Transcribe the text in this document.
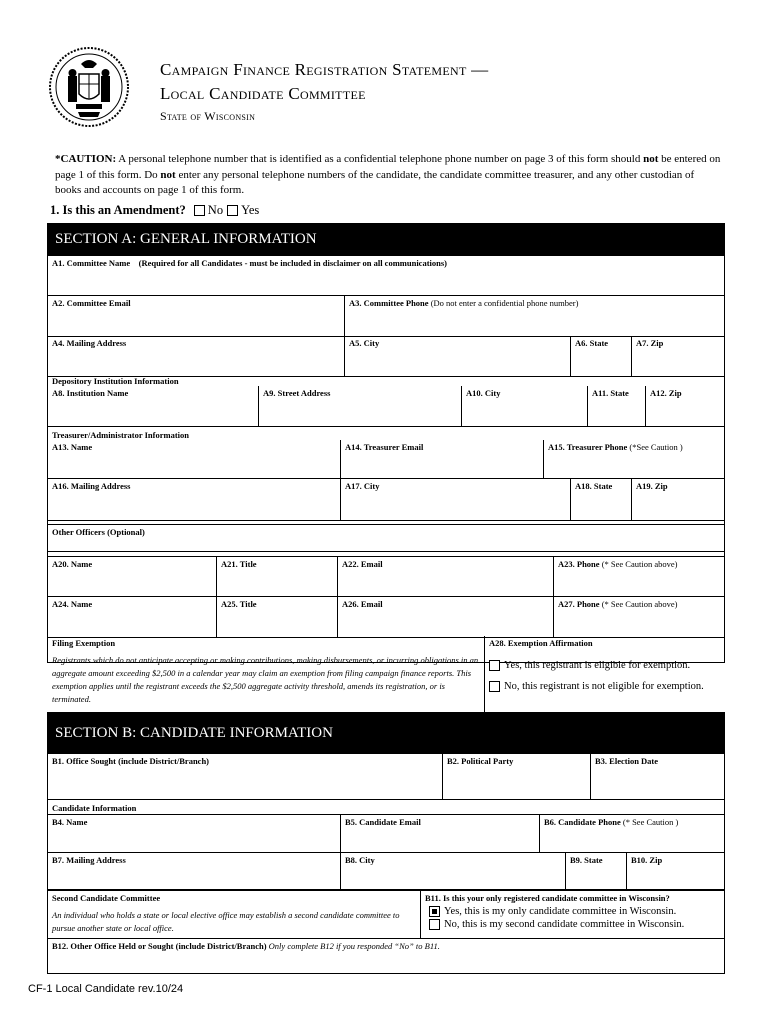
Campaign Finance Registration Statement —
Local Candidate Committee
State of Wisconsin
*CAUTION: A personal telephone number that is identified as a confidential telephone phone number on page 3 of this form should not be entered on page 1 of this form. Do not enter any personal telephone numbers of the candidate, the candidate committee treasurer, and any other custodian of books and accounts on page 1 of this form.
1. Is this an Amendment? No Yes
SECTION A: GENERAL INFORMATION
A1. Committee Name (Required for all Candidates - must be included in disclaimer on all communications)
A2. Committee Email	A3. Committee Phone (Do not enter a confidential phone number)
A4. Mailing Address	A5. City	A6. State	A7. Zip
Depository Institution Information
A8. Institution Name	A9. Street Address	A10. City	A11. State	A12. Zip
Treasurer/Administrator Information
A13. Name	A14. Treasurer Email	A15. Treasurer Phone (*See Caution )
A16. Mailing Address	A17. City	A18. State	A19. Zip
Other Officers (Optional)
A20. Name	A21. Title	A22. Email	A23. Phone (* See Caution above)
A24. Name	A25. Title	A26. Email	A27. Phone (* See Caution above)
Filing Exemption
Registrants which do not anticipate accepting or making contributions, making disbursements, or incurring obligations in an aggregate amount exceeding $2,500 in a calendar year may claim an exemption from filing campaign finance reports. This exemption applies until the registrant exceeds the $2,500 aggregate activity threshold, amends its registration, or is terminated.
A28. Exemption Affirmation
Yes, this registrant is eligible for exemption.
No, this registrant is not eligible for exemption.
SECTION B: CANDIDATE INFORMATION
B1. Office Sought (include District/Branch)	B2. Political Party	B3. Election Date
Candidate Information
B4. Name	B5. Candidate Email	B6. Candidate Phone (* See Caution )
B7. Mailing Address	B8. City	B9. State	B10. Zip
Second Candidate Committee
An individual who holds a state or local elective office may establish a second candidate committee to pursue another state or local office.
B11. Is this your only registered candidate committee in Wisconsin?
Yes, this is my only candidate committee in Wisconsin.
No, this is my second candidate committee in Wisconsin.
B12. Other Office Held or Sought (include District/Branch) Only complete B12 if you responded “No” to B11.
CF-1 Local Candidate rev.10/24
